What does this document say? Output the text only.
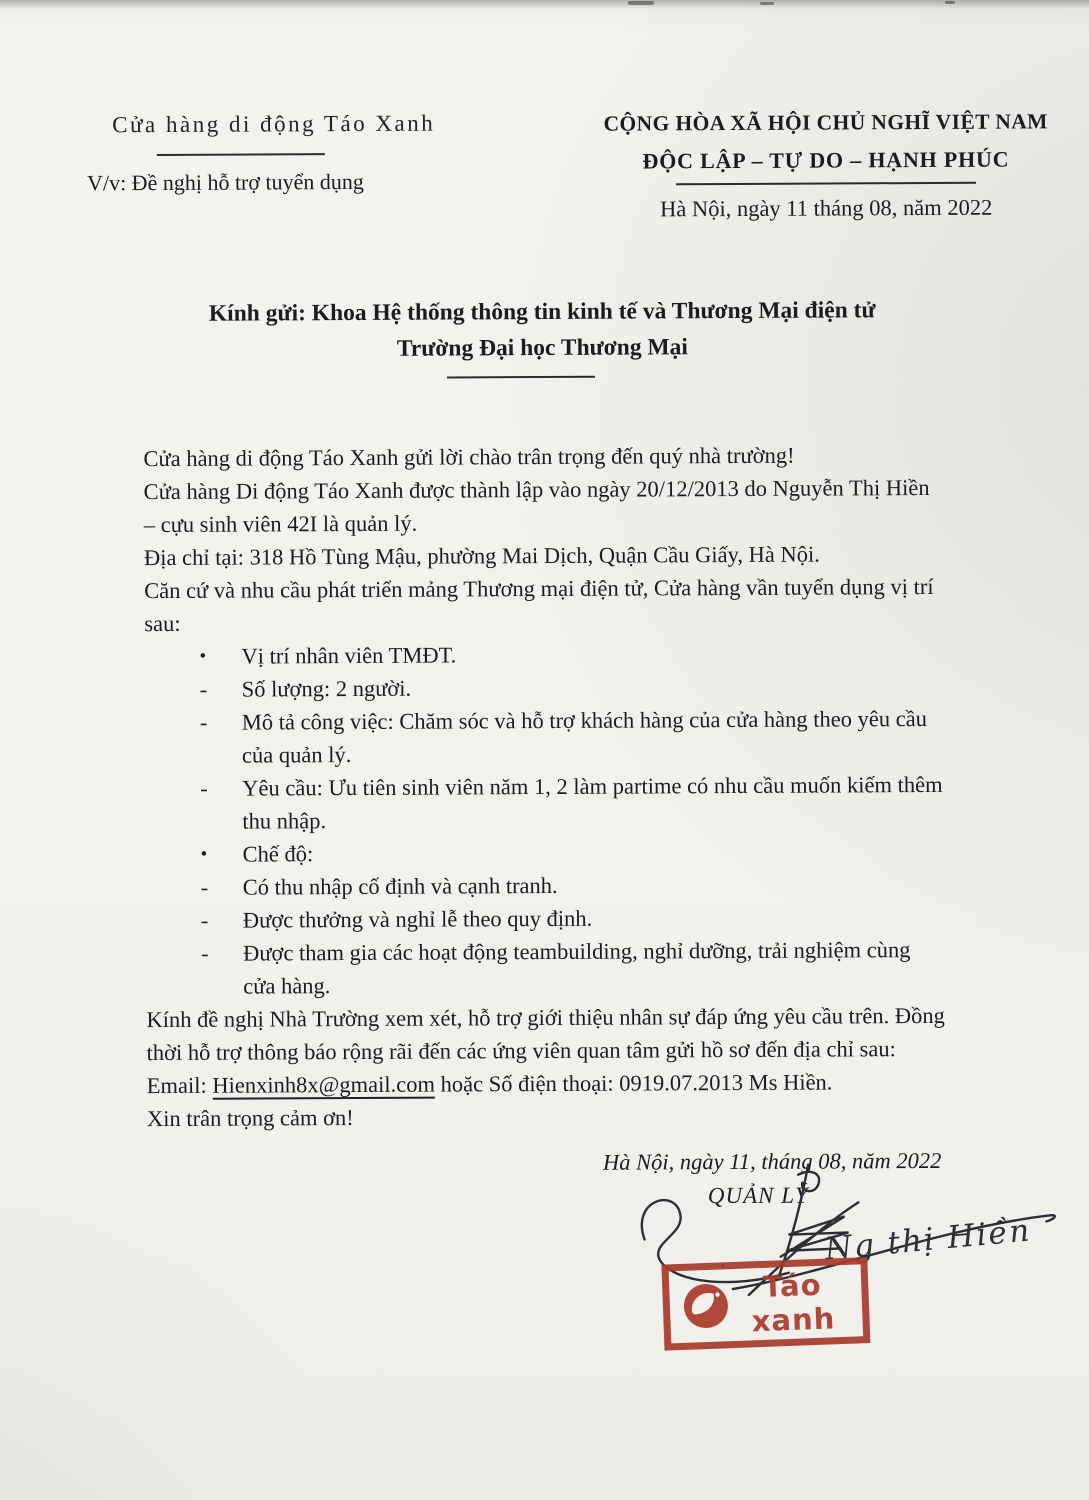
Cửa hàng di động Táo Xanh
V/v: Đề nghị hỗ trợ tuyển dụng
CỘNG HÒA XÃ HỘI CHỦ NGHĨ VIỆT NAM
ĐỘC LẬP – TỰ DO – HẠNH PHÚC
Hà Nội, ngày 11 tháng 08, năm 2022
Kính gửi: Khoa Hệ thống thông tin kinh tế và Thương Mại điện tử
Trường Đại học Thương Mại

Cửa hàng di động Táo Xanh gửi lời chào trân trọng đến quý nhà trường!

Cửa hàng Di động Táo Xanh được thành lập vào ngày 20/12/2013 do Nguyễn Thị Hiền – cựu sinh viên 42I là quản lý.

Địa chỉ tại: 318 Hồ Tùng Mậu, phường Mai Dịch, Quận Cầu Giấy, Hà Nội.

Căn cứ và nhu cầu phát triển mảng Thương mại điện tử, Cửa hàng vần tuyển dụng vị trí sau:

•	Vị trí nhân viên TMĐT.
-	Số lượng: 2 người.
-	Mô tả công việc: Chăm sóc và hỗ trợ khách hàng của cửa hàng theo yêu cầu của quản lý.
-	Yêu cầu: Ưu tiên sinh viên năm 1, 2 làm partime có nhu cầu muốn kiếm thêm thu nhập.
•	Chế độ:
-	Có thu nhập cố định và cạnh tranh.
-	Được thưởng và nghỉ lễ theo quy định.
-	Được tham gia các hoạt động teambuilding, nghỉ dưỡng, trải nghiệm cùng cửa hàng.

Kính đề nghị Nhà Trường xem xét, hỗ trợ giới thiệu nhân sự đáp ứng yêu cầu trên. Đồng thời hỗ trợ thông báo rộng rãi đến các ứng viên quan tâm gửi hồ sơ đến địa chỉ sau:

Email: Hienxinh8x@gmail.com hoặc Số điện thoại: 0919.07.2013 Ms Hiền.

Xin trân trọng cảm ơn!

Hà Nội, ngày 11, tháng 08, năm 2022
QUẢN LÝ
Ng thị Hiền
Táo xanh
